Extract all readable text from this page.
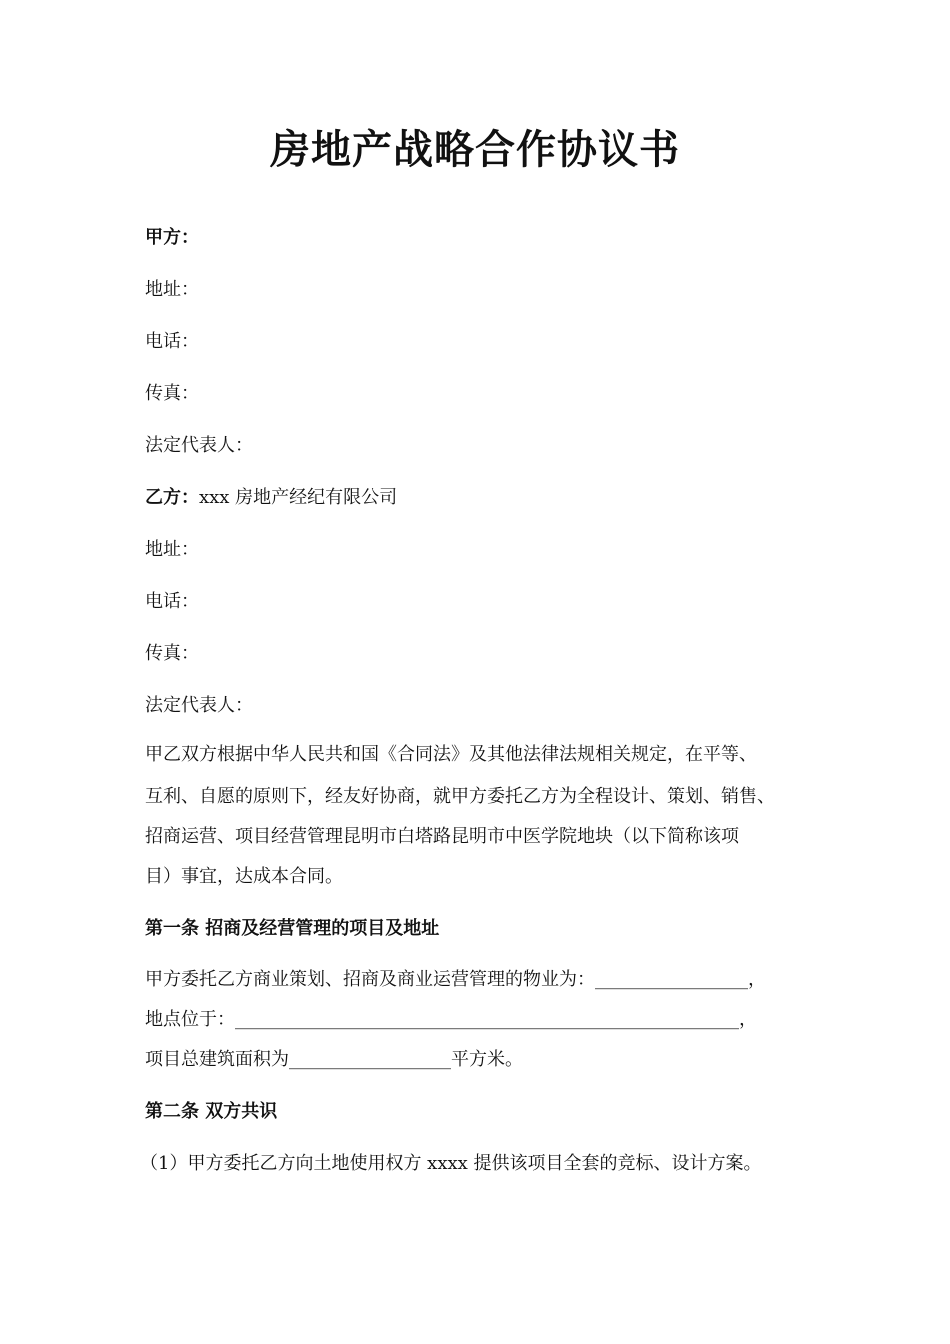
房地产战略合作协议书
甲方：
地址：
电话：
传真：
法定代表人：
乙方：xxx 房地产经纪有限公司
地址：
电话：
传真：
法定代表人：
甲乙双方根据中华人民共和国《合同法》及其他法律法规相关规定，在平等、
互利、自愿的原则下，经友好协商，就甲方委托乙方为全程设计、策划、销售、
招商运营、项目经营管理昆明市白塔路昆明市中医学院地块（以下简称该项
目）事宜，达成本合同。
第一条 招商及经营管理的项目及地址
甲方委托乙方商业策划、招商及商业运营管理的物业为：_________________，
地点位于：________________________________________________________，
项目总建筑面积为__________________平方米。
第二条 双方共识
（1）甲方委托乙方向土地使用权方 xxxx 提供该项目全套的竞标、设计方案。
